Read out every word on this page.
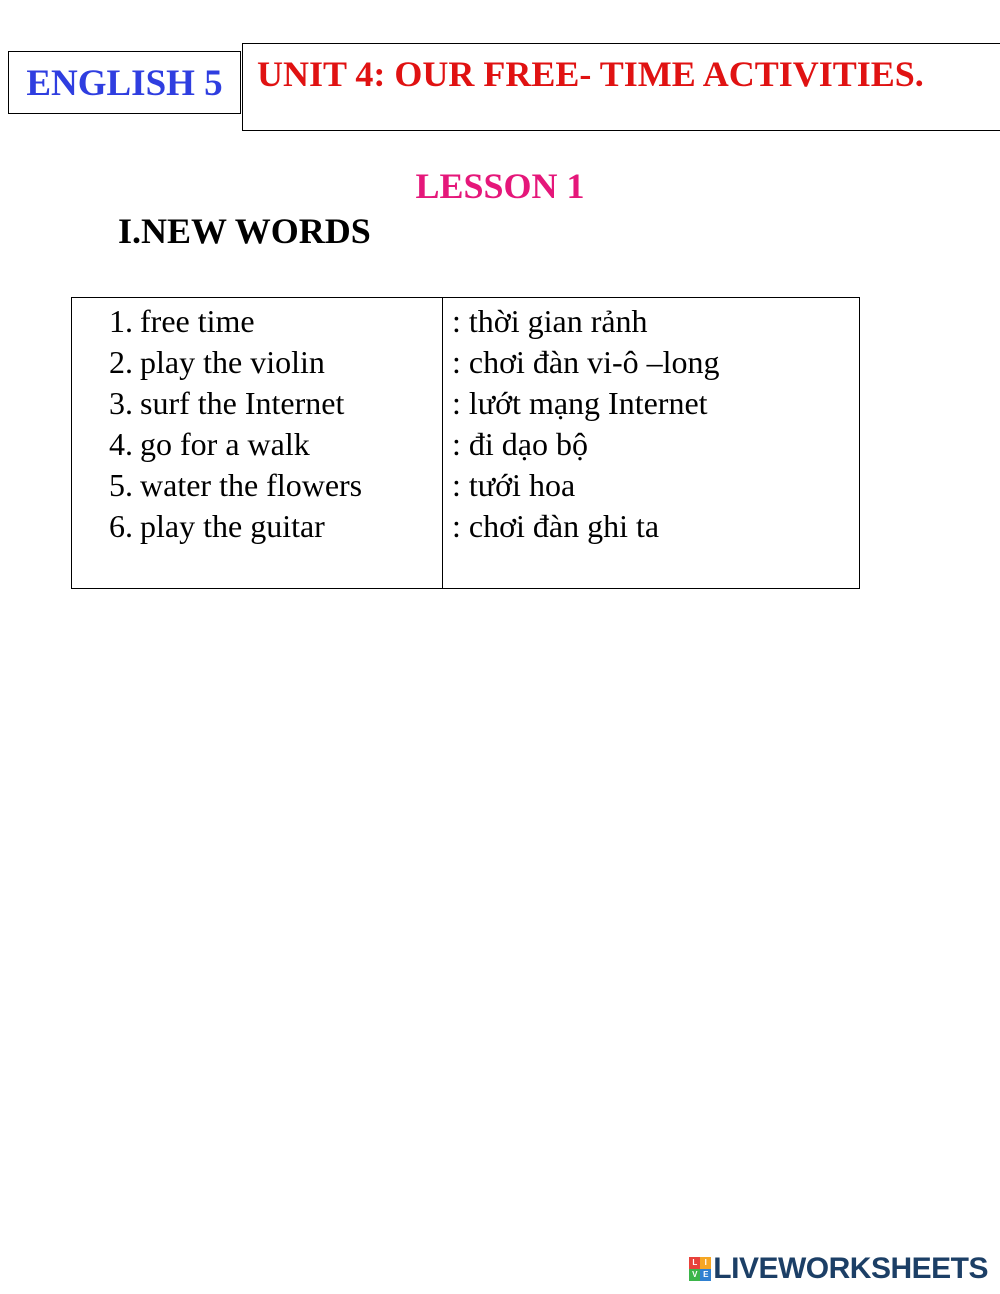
ENGLISH 5 UNIT 4: OUR FREE- TIME ACTIVITIES.
LESSON 1
I.NEW WORDS
1. free time	: thời gian rảnh
2. play the violin	: chơi đàn vi-ô –long
3. surf the Internet	: lướt mạng Internet
4. go for a walk	: đi dạo bộ
5. water the flowers	: tưới hoa
6. play the guitar	: chơi đàn ghi ta
L I
V E LIVEWORKSHEETS
